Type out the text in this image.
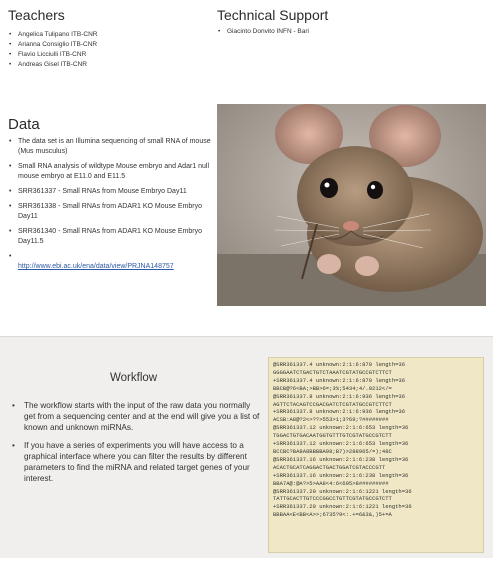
Teachers
• Angelica Tulipano ITB-CNR
• Arianna Consiglio ITB-CNR
• Flavio Licciulli ITB-CNR
• Andreas Gisel ITB-CNR
Technical Support
• Giacinto Donvito INFN - Bari
Data
• The data set is an Illumina sequencing of small RNA of mouse (Mus musculus)
• Small RNA analysis of wildtype Mouse embryo and Adar1 null mouse embryo at E11.0 and E11.5
• SRR361337 - Small RNAs from Mouse Embryo Day11
• SRR361338 - Small RNAs from ADAR1 KO Mouse Embryo Day11
• SRR361340 - Small RNAs from ADAR1 KO Mouse Embryo Day11.5
• http://www.ebi.ac.uk/ena/data/view/PRJNA148757
Workflow
• The workflow starts with the input of the raw data you normally get from a sequencing center and at the end will give you a list of known and unknown miRNAs.
• If you have a series of experiments you will have access to a graphical interface where you can filter the results by different parameters to find the miRNA and related target genes of your interest.
@SRR361337.4 unknown:2:1:6:870 length=36
GGGGAATCTGACTGTCTAAATCGTATGCCGTCTTCT
+SRR361337.4 unknown:2:1:6:870 length=36
BBCB@?6<BA;>BB>6=;3%;5434;4/.0212</=
@SRR361337.8 unknown:2:1:6:936 length=36
AGTTCTACAGTCCGACGATCTCGTATGCCGTCTTCT
+SRR361337.8 unknown:2:1:6:936 length=36
ACSB:A8@?2<>??>553>1;3?69;?########
@SRR361337.12 unknown:2:1:6:653 length=36
TGGACTGTGACAATGGTGTTTGTCGTATGCCGTCTT
+SRR361337.12 unknown:2:1:6:653 length=36
BCCBC?BA8A8BBBBA98;B7)>288965/=);48C
@SRR361337.16 unknown:2:1:6:238 length=36
ACACTGCATCAGGACTGACTGGATCGTACCCGTT
+SRR361337.16 unknown:2:1:6:238 length=36
BBA7A@:@A?>5>AA8<4:6<695>8#########
@SRR361337.20 unknown:2:1:6:1221 length=36
TATTGCACTTGTCCCGGCCTGTTCGTATGCCGTCTT
+SRR361337.20 unknown:2:1:6:1221 length=36
BBBAA<E<BB<A>>;6735?9<:.+=6&3&,)5+=A
